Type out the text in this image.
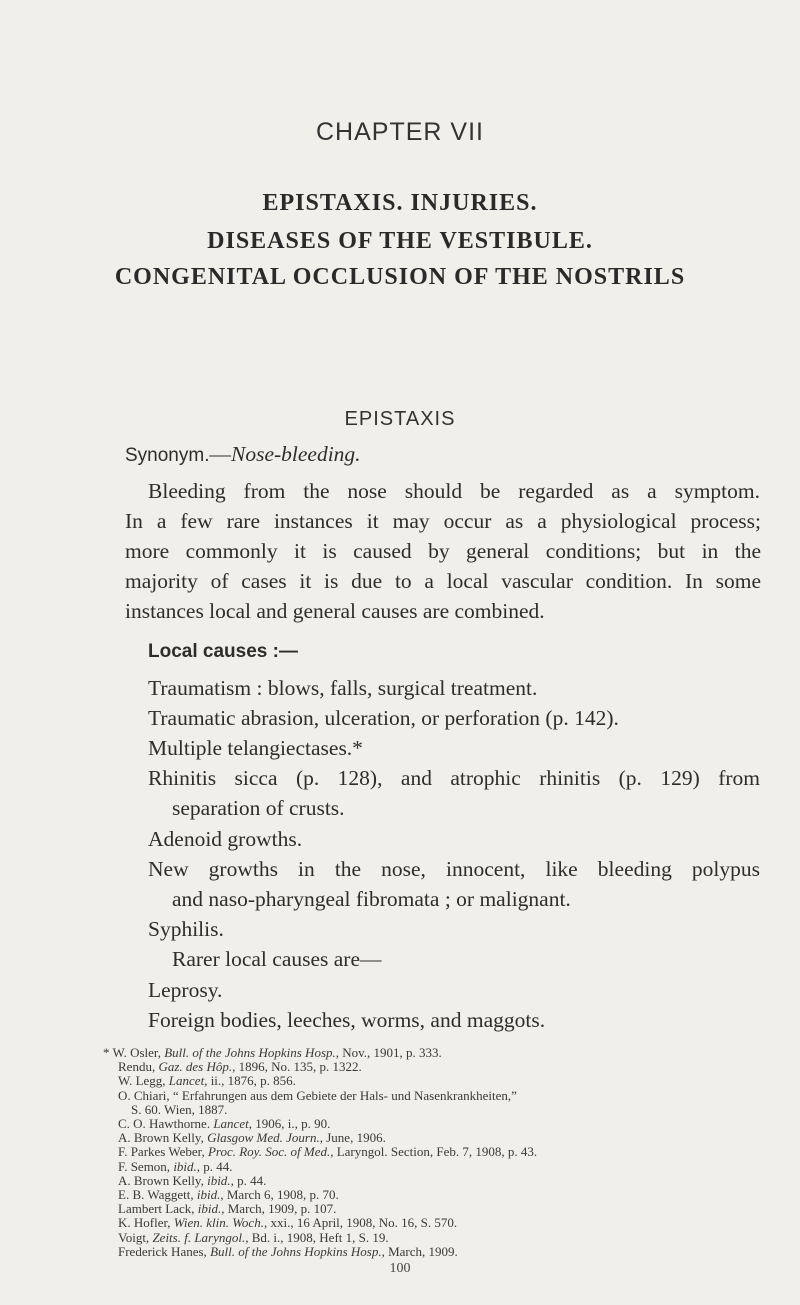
CHAPTER VII
EPISTAXIS. INJURIES.
DISEASES OF THE VESTIBULE.
CONGENITAL OCCLUSION OF THE NOSTRILS
EPISTAXIS
Synonym.—Nose-bleeding.
Bleeding from the nose should be regarded as a symptom.
In a few rare instances it may occur as a physiological process;
more commonly it is caused by general conditions; but in the
majority of cases it is due to a local vascular condition. In some
instances local and general causes are combined.
Local causes :—
Traumatism : blows, falls, surgical treatment.
Traumatic abrasion, ulceration, or perforation (p. 142).
Multiple telangiectases.*
Rhinitis sicca (p. 128), and atrophic rhinitis (p. 129) from
separation of crusts.
Adenoid growths.
New growths in the nose, innocent, like bleeding polypus
and naso-pharyngeal fibromata ; or malignant.
Syphilis.
Rarer local causes are—
Leprosy.
Foreign bodies, leeches, worms, and maggots.
* W. Osler, Bull. of the Johns Hopkins Hosp., Nov., 1901, p. 333.
Rendu, Gaz. des Hôp., 1896, No. 135, p. 1322.
W. Legg, Lancet, ii., 1876, p. 856.
O. Chiari, “ Erfahrungen aus dem Gebiete der Hals- und Nasenkrankheiten,”
S. 60. Wien, 1887.
C. O. Hawthorne. Lancet, 1906, i., p. 90.
A. Brown Kelly, Glasgow Med. Journ., June, 1906.
F. Parkes Weber, Proc. Roy. Soc. of Med., Laryngol. Section, Feb. 7, 1908, p. 43.
F. Semon, ibid., p. 44.
A. Brown Kelly, ibid., p. 44.
E. B. Waggett, ibid., March 6, 1908, p. 70.
Lambert Lack, ibid., March, 1909, p. 107.
K. Hofler, Wien. klin. Woch., xxi., 16 April, 1908, No. 16, S. 570.
Voigt, Zeits. f. Laryngol., Bd. i., 1908, Heft 1, S. 19.
Frederick Hanes, Bull. of the Johns Hopkins Hosp., March, 1909.
100
